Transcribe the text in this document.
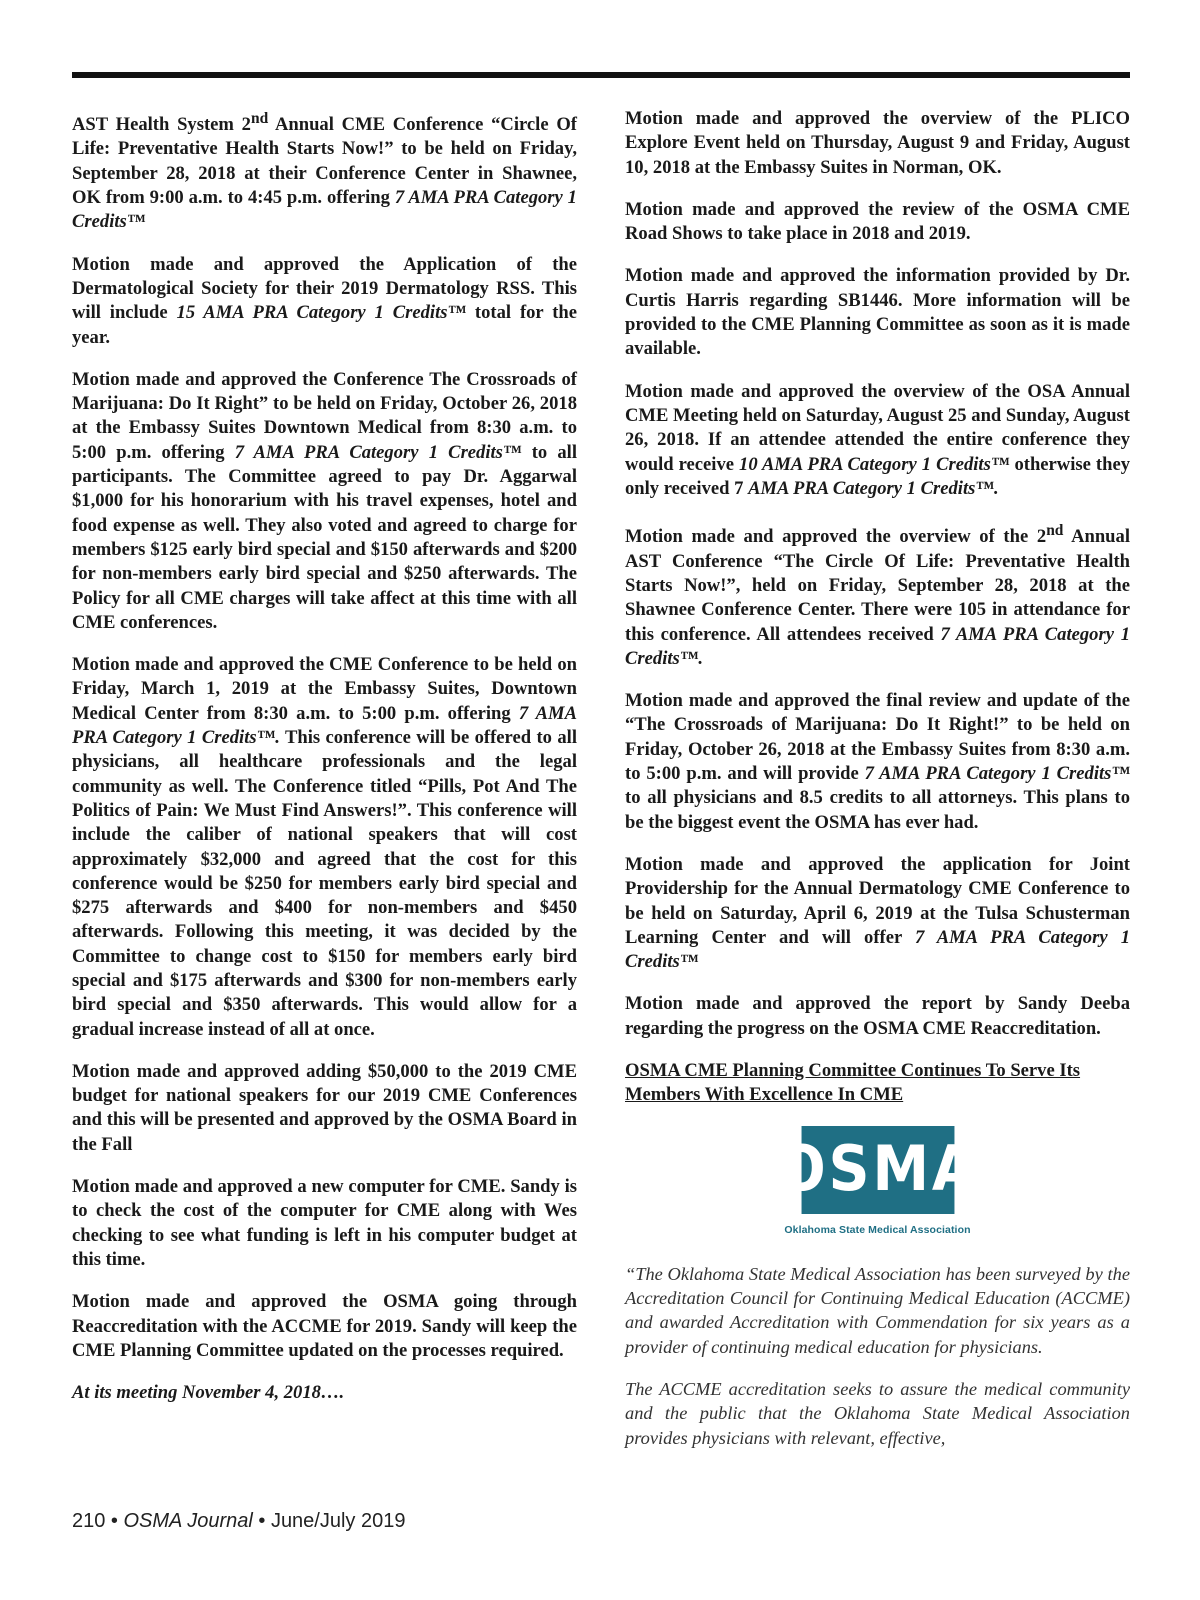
AST Health System 2nd Annual CME Conference “Circle Of Life: Preventative Health Starts Now!” to be held on Friday, September 28, 2018 at their Conference Center in Shawnee, OK from 9:00 a.m. to 4:45 p.m. offering 7 AMA PRA Category 1 Credits™

Motion made and approved the Application of the Dermatological Society for their 2019 Dermatology RSS. This will include 15 AMA PRA Category 1 Credits™ total for the year.

Motion made and approved the Conference The Crossroads of Marijuana: Do It Right” to be held on Friday, October 26, 2018 at the Embassy Suites Downtown Medical from 8:30 a.m. to 5:00 p.m. offering 7 AMA PRA Category 1 Credits™ to all participants. The Committee agreed to pay Dr. Aggarwal $1,000 for his honorarium with his travel expenses, hotel and food expense as well. They also voted and agreed to charge for members $125 early bird special and $150 afterwards and $200 for non-members early bird special and $250 afterwards. The Policy for all CME charges will take affect at this time with all CME conferences.

Motion made and approved the CME Conference to be held on Friday, March 1, 2019 at the Embassy Suites, Downtown Medical Center from 8:30 a.m. to 5:00 p.m. offering 7 AMA PRA Category 1 Credits™. This conference will be offered to all physicians, all healthcare professionals and the legal community as well. The Conference titled “Pills, Pot And The Politics of Pain: We Must Find Answers!”. This conference will include the caliber of national speakers that will cost approximately $32,000 and agreed that the cost for this conference would be $250 for members early bird special and $275 afterwards and $400 for non-members and $450 afterwards. Following this meeting, it was decided by the Committee to change cost to $150 for members early bird special and $175 afterwards and $300 for non-members early bird special and $350 afterwards. This would allow for a gradual increase instead of all at once.

Motion made and approved adding $50,000 to the 2019 CME budget for national speakers for our 2019 CME Conferences and this will be presented and approved by the OSMA Board in the Fall

Motion made and approved a new computer for CME. Sandy is to check the cost of the computer for CME along with Wes checking to see what funding is left in his computer budget at this time.

Motion made and approved the OSMA going through Reaccreditation with the ACCME for 2019. Sandy will keep the CME Planning Committee updated on the processes required.

At its meeting November 4, 2018….

Motion made and approved the overview of the PLICO Explore Event held on Thursday, August 9 and Friday, August 10, 2018 at the Embassy Suites in Norman, OK.

Motion made and approved the review of the OSMA CME Road Shows to take place in 2018 and 2019.

Motion made and approved the information provided by Dr. Curtis Harris regarding SB1446. More information will be provided to the CME Planning Committee as soon as it is made available.

Motion made and approved the overview of the OSA Annual CME Meeting held on Saturday, August 25 and Sunday, August 26, 2018. If an attendee attended the entire conference they would receive 10 AMA PRA Category 1 Credits™ otherwise they only received 7 AMA PRA Category 1 Credits™.

Motion made and approved the overview of the 2nd Annual AST Conference “The Circle Of Life: Preventative Health Starts Now!”, held on Friday, September 28, 2018 at the Shawnee Conference Center. There were 105 in attendance for this conference. All attendees received 7 AMA PRA Category 1 Credits™.

Motion made and approved the final review and update of the “The Crossroads of Marijuana: Do It Right!” to be held on Friday, October 26, 2018 at the Embassy Suites from 8:30 a.m. to 5:00 p.m. and will provide 7 AMA PRA Category 1 Credits™ to all physicians and 8.5 credits to all attorneys. This plans to be the biggest event the OSMA has ever had.

Motion made and approved the application for Joint Providership for the Annual Dermatology CME Conference to be held on Saturday, April 6, 2019 at the Tulsa Schusterman Learning Center and will offer 7 AMA PRA Category 1 Credits™

Motion made and approved the report by Sandy Deeba regarding the progress on the OSMA CME Reaccreditation.

OSMA CME Planning Committee Continues To Serve Its Members With Excellence In CME

OSMA
Oklahoma State Medical Association

“The Oklahoma State Medical Association has been surveyed by the Accreditation Council for Continuing Medical Education (ACCME) and awarded Accreditation with Commendation for six years as a provider of continuing medical education for physicians.

The ACCME accreditation seeks to assure the medical community and the public that the Oklahoma State Medical Association provides physicians with relevant, effective,

210 • OSMA Journal • June/July 2019
